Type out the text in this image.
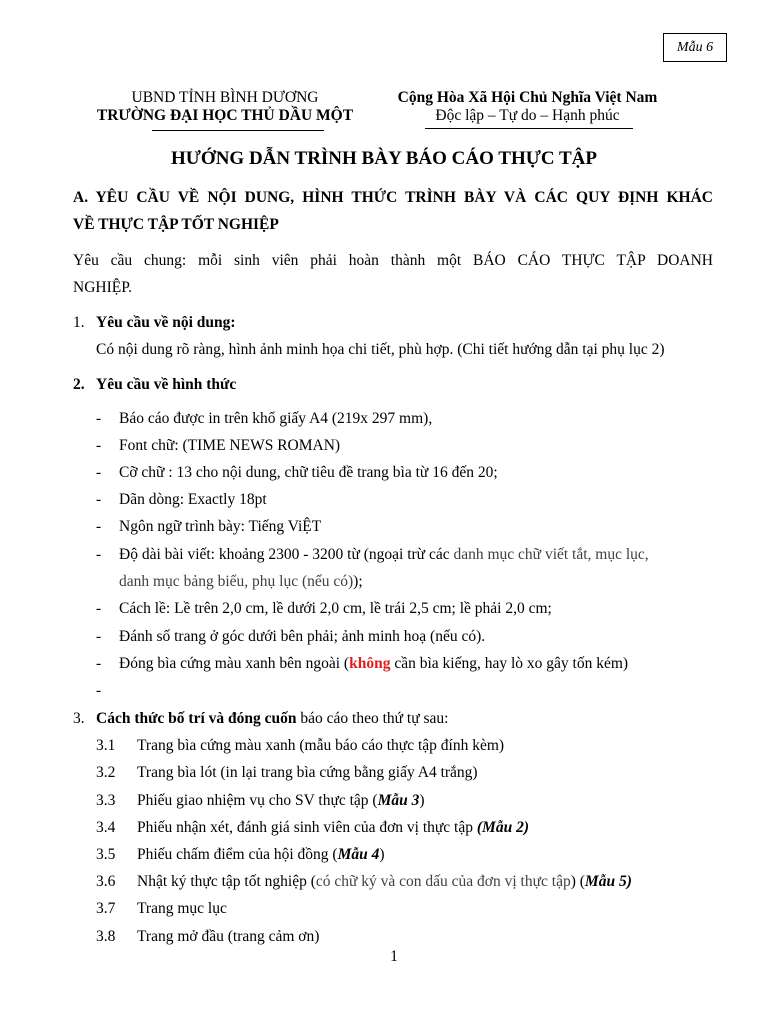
Mẫu 6
UBND TỈNH BÌNH DƯƠNG
TRƯỜNG ĐẠI HỌC THỦ DẦU MỘT
Cộng Hòa Xã Hội Chủ Nghĩa Việt Nam
Độc lập – Tự do – Hạnh phúc
HƯỚNG DẪN TRÌNH BÀY BÁO CÁO THỰC TẬP
A. YÊU CẦU VỀ NỘI DUNG, HÌNH THỨC TRÌNH BÀY VÀ CÁC QUY ĐỊNH KHÁC
VỀ THỰC TẬP TỐT NGHIỆP
Yêu cầu chung: mỗi sinh viên phải hoàn thành một BÁO CÁO THỰC TẬP DOANH
NGHIỆP.
1. Yêu cầu về nội dung:
Có nội dung rõ ràng, hình ảnh minh họa chi tiết, phù hợp. (Chi tiết hướng dẫn tại phụ lục 2)
2. Yêu cầu về hình thức
- Báo cáo được in trên khổ giấy A4 (219x 297 mm),
- Font chữ: (TIME NEWS ROMAN)
- Cỡ chữ : 13 cho nội dung, chữ tiêu đề trang bìa từ 16 đến 20;
- Dãn dòng: Exactly 18pt
- Ngôn ngữ trình bày: Tiếng ViỆT
- Độ dài bài viết: khoảng 2300 - 3200 từ (ngoại trừ các danh mục chữ viết tắt, mục lục,
danh mục bảng biểu, phụ lục (nếu có));
- Cách lề: Lề trên 2,0 cm, lề dưới 2,0 cm, lề trái 2,5 cm; lề phải 2,0 cm;
- Đánh số trang ở góc dưới bên phải; ảnh minh hoạ (nếu có).
- Đóng bìa cứng màu xanh bên ngoài (không cần bìa kiếng, hay lò xo gây tốn kém)
-
3. Cách thức bố trí và đóng cuốn báo cáo theo thứ tự sau:
3.1 Trang bìa cứng màu xanh (mẫu báo cáo thực tập đính kèm)
3.2 Trang bìa lót (in lại trang bìa cứng bằng giấy A4 trắng)
3.3 Phiếu giao nhiệm vụ cho SV thực tập (Mẫu 3)
3.4 Phiếu nhận xét, đánh giá sinh viên của đơn vị thực tập (Mẫu 2)
3.5 Phiếu chấm điểm của hội đồng (Mẫu 4)
3.6 Nhật ký thực tập tốt nghiệp (có chữ ký và con dấu của đơn vị thực tập) (Mẫu 5)
3.7 Trang mục lục
3.8 Trang mở đầu (trang cảm ơn)
1
